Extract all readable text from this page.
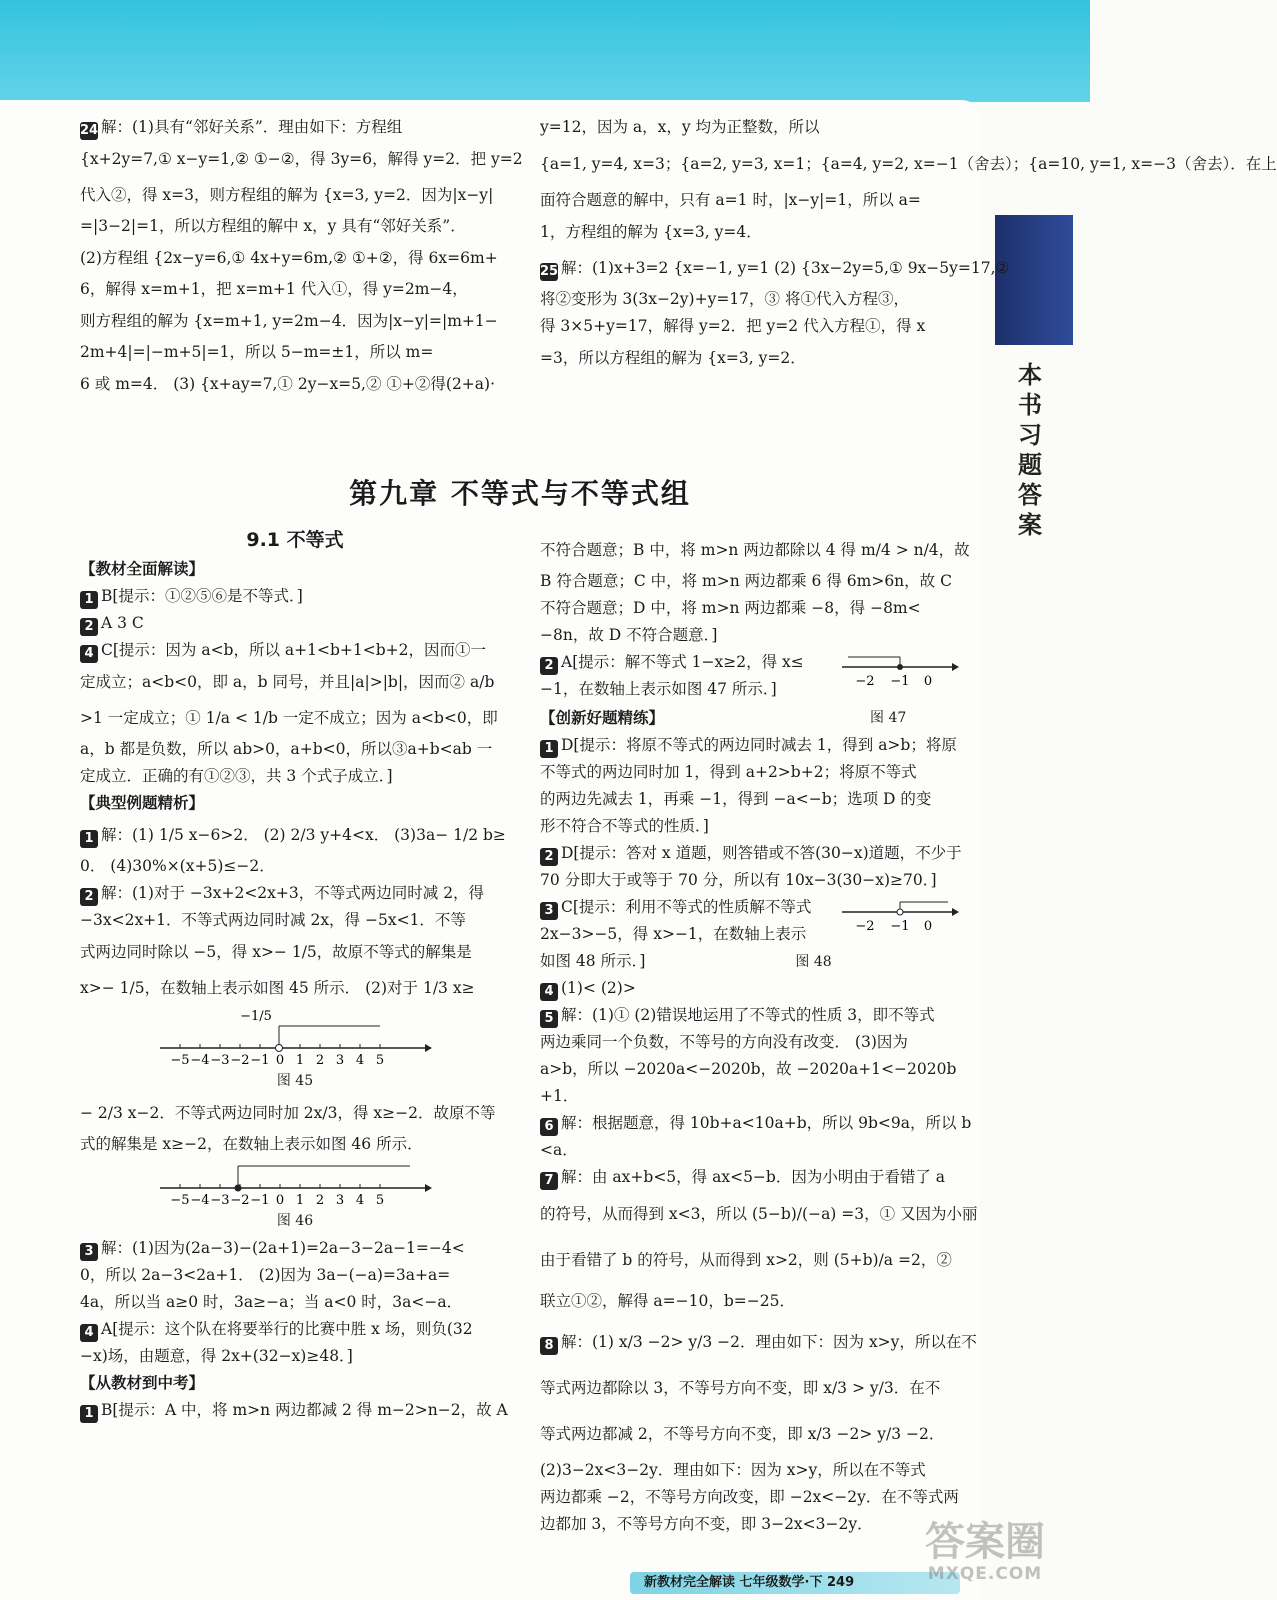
本书习题答案
24 解：(1)具有“邻好关系”．理由如下：方程组
{x+2y=7,① x−y=1,② ①−②，得 3y=6，解得 y=2．把 y=2
代入②，得 x=3，则方程组的解为 {x=3, y=2．因为|x−y|
=|3−2|=1，所以方程组的解中 x，y 具有“邻好关系”．
(2)方程组 {2x−y=6,① 4x+y=6m,② ①+②，得 6x=6m+
6，解得 x=m+1，把 x=m+1 代入①，得 y=2m−4，
则方程组的解为 {x=m+1, y=2m−4．因为|x−y|=|m+1−
2m+4|=|−m+5|=1，所以 5−m=±1，所以 m=
6 或 m=4． (3) {x+ay=7,① 2y−x=5,② ①+②得(2+a)·
y=12，因为 a，x，y 均为正整数，所以
{a=1, y=4, x=3；{a=2, y=3, x=1；{a=4, y=2, x=−1（舍去）；{a=10, y=1, x=−3（舍去）．在上
面符合题意的解中，只有 a=1 时，|x−y|=1，所以 a=
1，方程组的解为 {x=3, y=4．
25 解：(1)x+3=2 {x=−1, y=1 (2) {3x−2y=5,① 9x−5y=17,②
将②变形为 3(3x−2y)+y=17，③ 将①代入方程③，
得 3×5+y=17，解得 y=2．把 y=2 代入方程①，得 x
=3，所以方程组的解为 {x=3, y=2．
第九章 不等式与不等式组
9.1 不等式
【教材全面解读】
1 B[提示：①②⑤⑥是不等式．]
2 A 3 C
4 C[提示：因为 a<b，所以 a+1<b+1<b+2，因而①一
定成立；a<b<0，即 a，b 同号，并且|a|>|b|，因而② a/b
>1 一定成立；① 1/a < 1/b 一定不成立；因为 a<b<0，即
a，b 都是负数，所以 ab>0，a+b<0，所以③a+b<ab 一
定成立．正确的有①②③，共 3 个式子成立．]
【典型例题精析】
1 解：(1) 1/5 x−6>2． (2) 2/3 y+4<x． (3)3a− 1/2 b≥
0． (4)30%×(x+5)≤−2．
2 解：(1)对于 −3x+2<2x+3，不等式两边同时减 2，得
−3x<2x+1．不等式两边同时减 2x，得 −5x<1．不等
式两边同时除以 −5，得 x>− 1/5，故原不等式的解集是
x>− 1/5，在数轴上表示如图 45 所示． (2)对于 1/3 x≥
−5 −4 −3 −2 −1 0 1 2 3 4 5
−1/5
图 45
− 2/3 x−2．不等式两边同时加 2x/3，得 x≥−2．故原不等
式的解集是 x≥−2，在数轴上表示如图 46 所示．
−5 −4 −3 −2 −1 0 1 2 3 4 5
图 46
3 解：(1)因为(2a−3)−(2a+1)=2a−3−2a−1=−4<
0，所以 2a−3<2a+1． (2)因为 3a−(−a)=3a+a=
4a，所以当 a≥0 时，3a≥−a；当 a<0 时，3a<−a．
4 A[提示：这个队在将要举行的比赛中胜 x 场，则负(32
−x)场，由题意，得 2x+(32−x)≥48．]
【从教材到中考】
1 B[提示：A 中，将 m>n 两边都减 2 得 m−2>n−2，故 A
不符合题意；B 中，将 m>n 两边都除以 4 得 m/4 > n/4，故
B 符合题意；C 中，将 m>n 两边都乘 6 得 6m>6n，故 C
不符合题意；D 中，将 m>n 两边都乘 −8，得 −8m<
−8n，故 D 不符合题意．]
2 A[提示：解不等式 1−x≥2，得 x≤
−1，在数轴上表示如图 47 所示．]	−2 −1 0
【创新好题精练】	图 47
1 D[提示：将原不等式的两边同时减去 1，得到 a>b；将原
不等式的两边同时加 1，得到 a+2>b+2；将原不等式
的两边先减去 1，再乘 −1，得到 −a<−b；选项 D 的变
形不符合不等式的性质．]
2 D[提示：答对 x 道题，则答错或不答(30−x)道题，不少于
70 分即大于或等于 70 分，所以有 10x−3(30−x)≥70．]
3 C[提示：利用不等式的性质解不等式
2x−3>−5，得 x>−1，在数轴上表示
如图 48 所示．]	图 48
−2 −1 0
4 (1)< (2)>
5 解：(1)① (2)错误地运用了不等式的性质 3，即不等式
两边乘同一个负数，不等号的方向没有改变． (3)因为
a>b，所以 −2020a<−2020b，故 −2020a+1<−2020b
+1．
6 解：根据题意，得 10b+a<10a+b，所以 9b<9a，所以 b
<a．
7 解：由 ax+b<5，得 ax<5−b．因为小明由于看错了 a
的符号，从而得到 x<3，所以 (5−b)/(−a) =3，① 又因为小丽
由于看错了 b 的符号，从而得到 x>2，则 (5+b)/a =2，②
联立①②，解得 a=−10，b=−25．
8 解：(1) x/3 −2> y/3 −2．理由如下：因为 x>y，所以在不
等式两边都除以 3，不等号方向不变，即 x/3 > y/3．在不
等式两边都减 2，不等号方向不变，即 x/3 −2> y/3 −2．
(2)3−2x<3−2y．理由如下：因为 x>y，所以在不等式
两边都乘 −2，不等号方向改变，即 −2x<−2y．在不等式两
边都加 3，不等号方向不变，即 3−2x<3−2y．
新教材完全解读 七年级数学·下 249
答案圈
MXQE.COM
